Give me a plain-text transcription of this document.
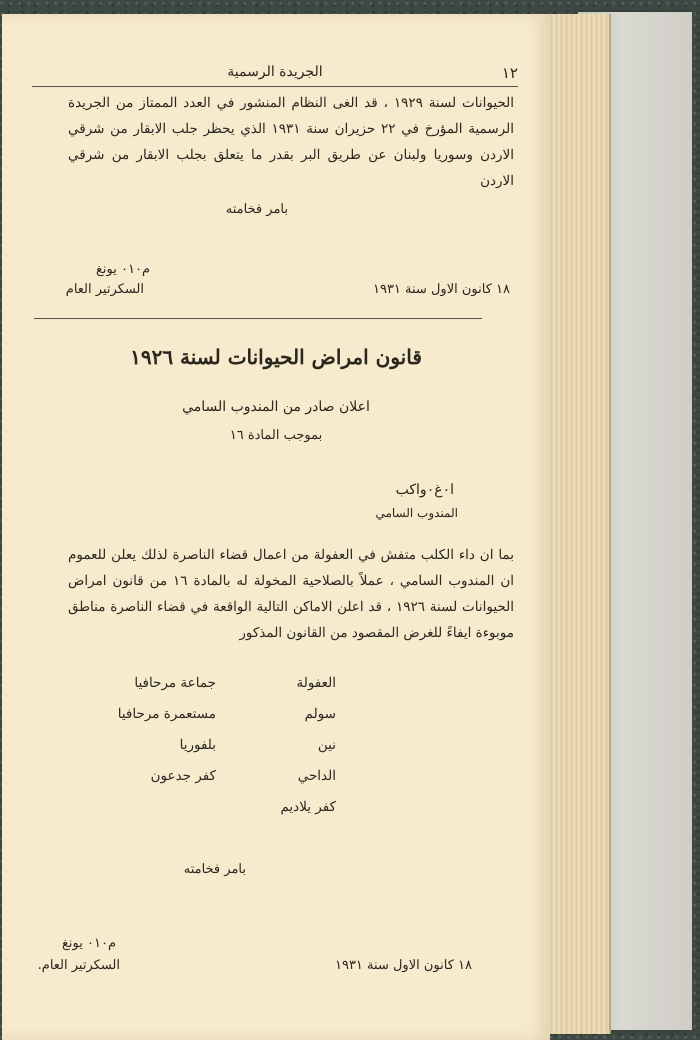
١٢
الجريدة الرسمية
الحيوانات لسنة ١٩٢٩ ، قد الغى النظام المنشور في العدد الممتاز من الجريدة الرسمية المؤرخ في ٢٢ حزيران سنة ١٩٣١ الذي يحظر جلب الابقار من شرقي الاردن وسوريا ولبنان عن طريق البر بقدر ما يتعلق بجلب الابقار من شرقي الاردن
بامر فخامته
١٨ كانون الاول سنة ١٩٣١
م٠١٠ يونغ
السكرتير العام
قانون امراض الحيوانات لسنة ١٩٢٦
اعلان صادر من المندوب السامي
بموجب المادة ١٦
ا٠غ٠واكب
المندوب السامي
بما ان داء الكلب متفش في العفولة من اعمال قضاء الناصرة لذلك يعلن للعموم ان المندوب السامي ، عملاً بالصلاحية المخولة له بالمادة ١٦ من قانون امراض الحيوانات لسنة ١٩٢٦ ، قد اعلن الاماكن التالية الواقعة في قضاء الناصرة مناطق موبوءة ايفاءً للغرض المقصود من القانون المذكور
العفولة
سولم
نين
الداحي
كفر يلاديم
جماعة مرحافيا
مستعمرة مرحافيا
بلفوريا
كفر جدعون
بامر فخامته
١٨ كانون الاول سنة ١٩٣١
م٠١٠ يونغ
السكرتير العام.
